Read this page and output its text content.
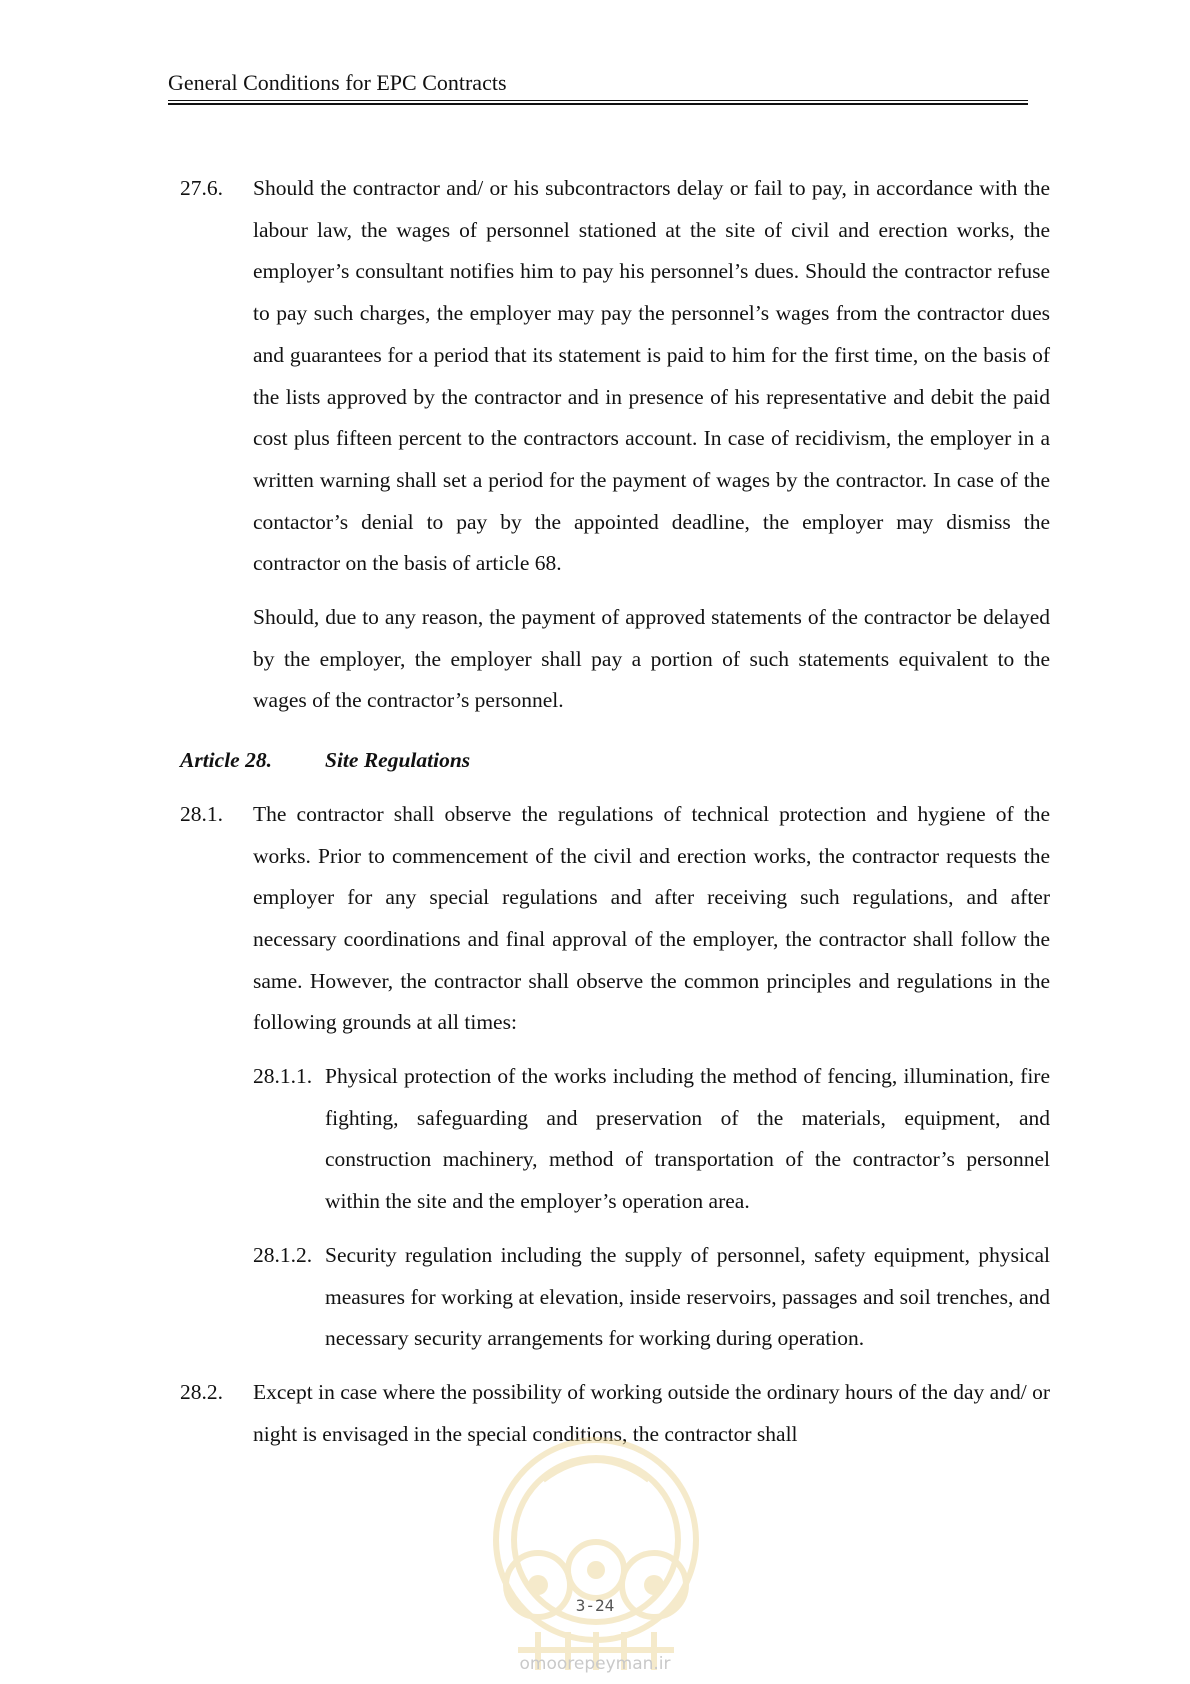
General Conditions for EPC Contracts
27.6. Should the contractor and/ or his subcontractors delay or fail to pay, in accordance with the labour law, the wages of personnel stationed at the site of civil and erection works, the employer’s consultant notifies him to pay his personnel’s dues. Should the contractor refuse to pay such charges, the employer may pay the personnel’s wages from the contractor dues and guarantees for a period that its statement is paid to him for the first time, on the basis of the lists approved by the contractor and in presence of his representative and debit the paid cost plus fifteen percent to the contractors account. In case of recidivism, the employer in a written warning shall set a period for the payment of wages by the contractor. In case of the contactor’s denial to pay by the appointed deadline, the employer may dismiss the contractor on the basis of article 68.
Should, due to any reason, the payment of approved statements of the contractor be delayed by the employer, the employer shall pay a portion of such statements equivalent to the wages of the contractor’s personnel.
Article 28. Site Regulations
28.1. The contractor shall observe the regulations of technical protection and hygiene of the works. Prior to commencement of the civil and erection works, the contractor requests the employer for any special regulations and after receiving such regulations, and after necessary coordinations and final approval of the employer, the contractor shall follow the same. However, the contractor shall observe the common principles and regulations in the following grounds at all times:
28.1.1. Physical protection of the works including the method of fencing, illumination, fire fighting, safeguarding and preservation of the materials, equipment, and construction machinery, method of transportation of the contractor’s personnel within the site and the employer’s operation area.
28.1.2. Security regulation including the supply of personnel, safety equipment, physical measures for working at elevation, inside reservoirs, passages and soil trenches, and necessary security arrangements for working during operation.
28.2. Except in case where the possibility of working outside the ordinary hours of the day and/ or night is envisaged in the special conditions, the contractor shall
3-24
omoorepeyman.ir
